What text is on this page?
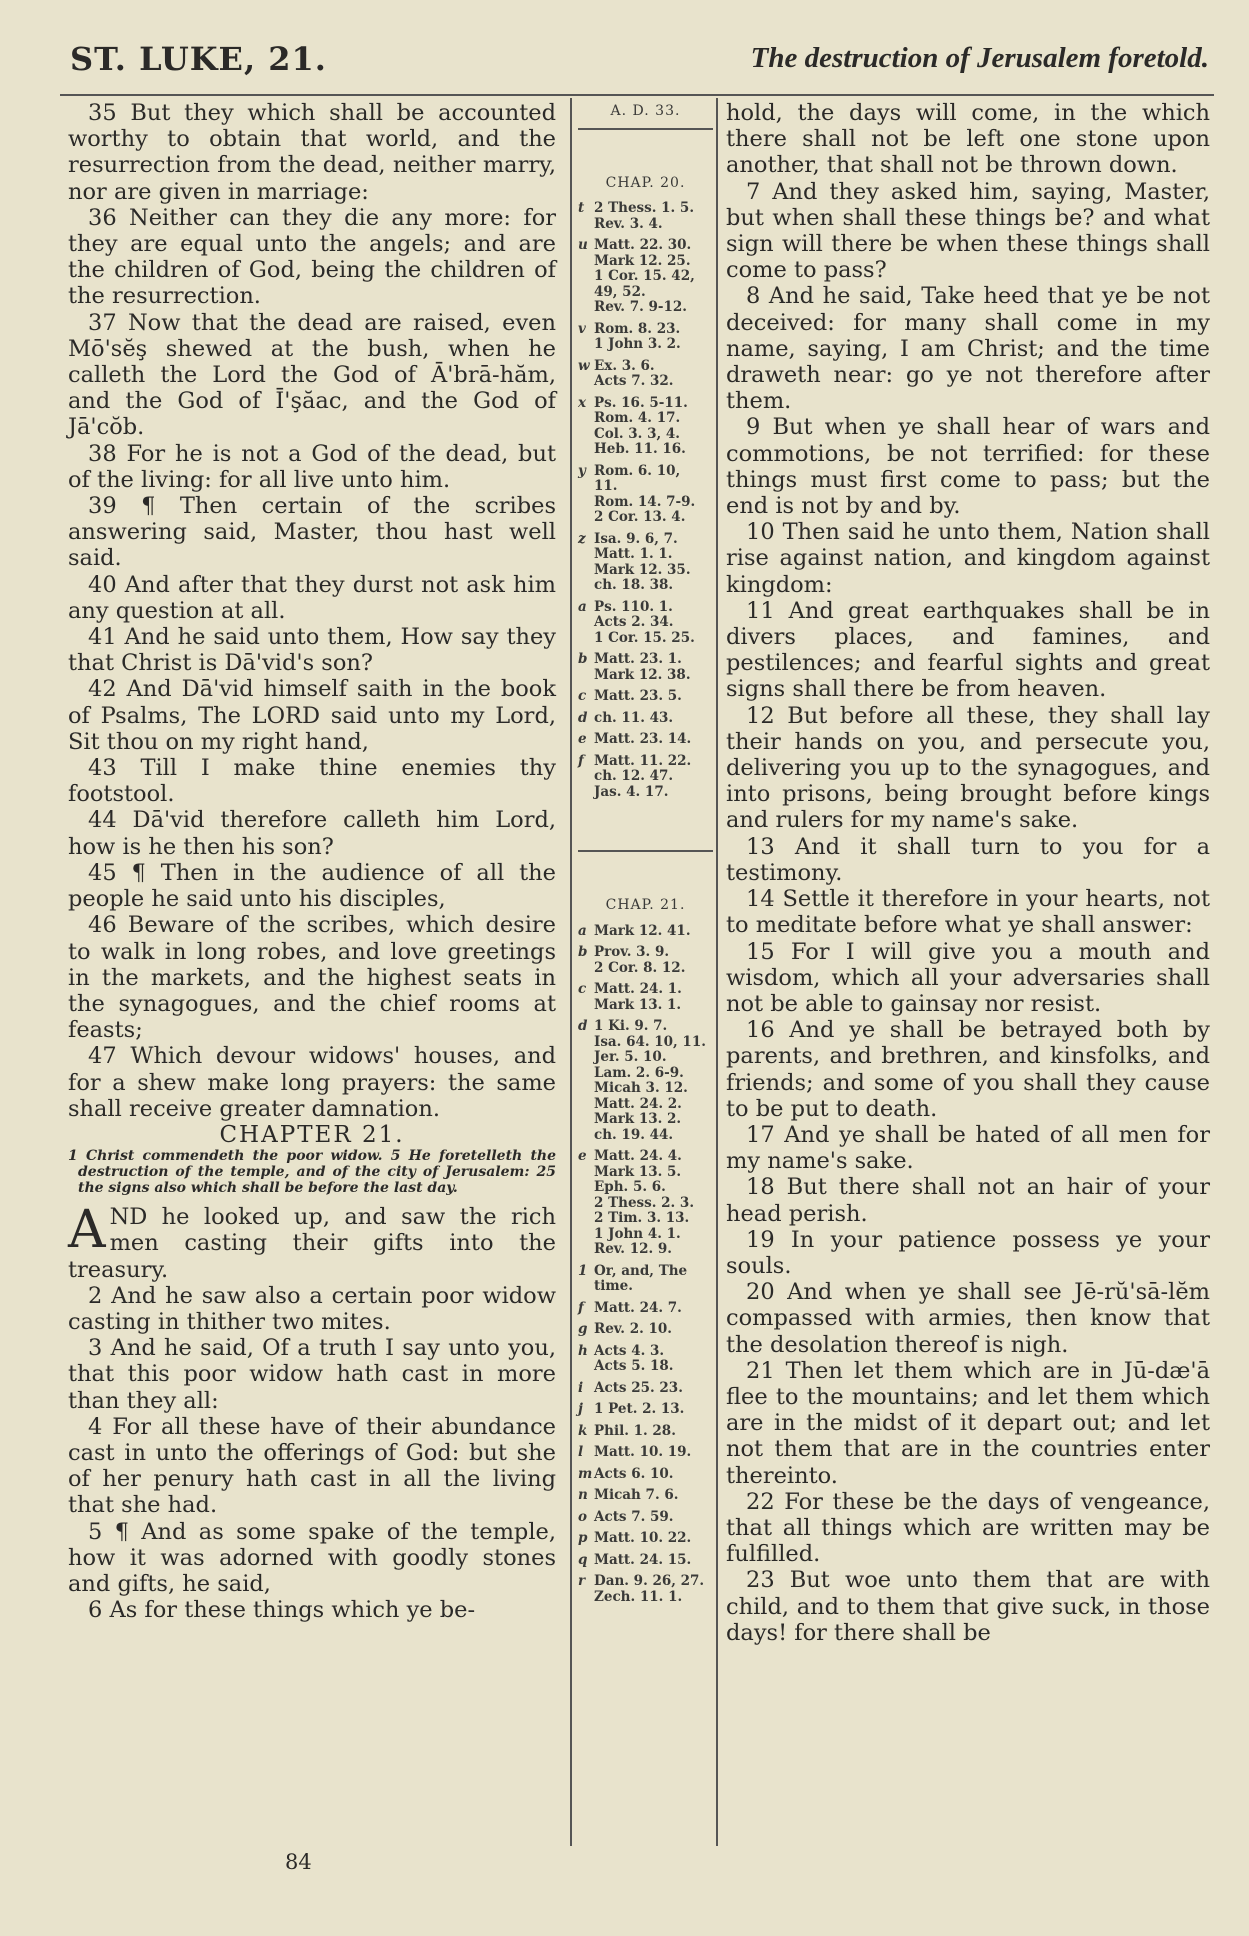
ST. LUKE, 21.	The destruction of Jerusalem foretold.

35 But they which shall be accounted worthy to obtain that world, and the resurrection from the dead, neither marry, nor are given in marriage:

36 Neither can they die any more: for they are equal unto the angels; and are the children of God, being the children of the resurrection.

37 Now that the dead are raised, even Mō'sĕş shewed at the bush, when he calleth the Lord the God of Ā'brā-hăm, and the God of Ī'şăac, and the God of Jā'cŏb.

38 For he is not a God of the dead, but of the living: for all live unto him.

39 ¶ Then certain of the scribes answering said, Master, thou hast well said.

40 And after that they durst not ask him any question at all.

41 And he said unto them, How say they that Christ is Dā'vid's son?

42 And Dā'vid himself saith in the book of Psalms, The LORD said unto my Lord, Sit thou on my right hand,

43 Till I make thine enemies thy footstool.

44 Dā'vid therefore calleth him Lord, how is he then his son?

45 ¶ Then in the audience of all the people he said unto his disciples,

46 Beware of the scribes, which desire to walk in long robes, and love greetings in the markets, and the highest seats in the synagogues, and the chief rooms at feasts;

47 Which devour widows' houses, and for a shew make long prayers: the same shall receive greater damnation.

CHAPTER 21.

1 Christ commendeth the poor widow. 5 He foretelleth the destruction of the temple, and of the city of Jerusalem: 25 the signs also which shall be before the last day.

AND he looked up, and saw the rich men casting their gifts into the treasury.

2 And he saw also a certain poor widow casting in thither two mites.

3 And he said, Of a truth I say unto you, that this poor widow hath cast in more than they all:

4 For all these have of their abundance cast in unto the offerings of God: but she of her penury hath cast in all the living that she had.

5 ¶ And as some spake of the temple, how it was adorned with goodly stones and gifts, he said,

6 As for these things which ye be-

A. D. 33.
CHAP. 20.
t 2 Thess. 1. 5.
Rev. 3. 4.
u Matt. 22. 30.
Mark 12. 25.
1 Cor. 15. 42,
49, 52.
Rev. 7. 9-12.
v Rom. 8. 23.
1 John 3. 2.
w Ex. 3. 6.
Acts 7. 32.
x Ps. 16. 5-11.
Rom. 4. 17.
Col. 3. 3, 4.
Heb. 11. 16.
y Rom. 6. 10,
11.
Rom. 14. 7-9.
2 Cor. 13. 4.
z Isa. 9. 6, 7.
Matt. 1. 1.
Mark 12. 35.
ch. 18. 38.
a Ps. 110. 1.
Acts 2. 34.
1 Cor. 15. 25.
b Matt. 23. 1.
Mark 12. 38.
c Matt. 23. 5.
d ch. 11. 43.
e Matt. 23. 14.
f Matt. 11. 22.
ch. 12. 47.
Jas. 4. 17.
CHAP. 21.
a Mark 12. 41.
b Prov. 3. 9.
2 Cor. 8. 12.
c Matt. 24. 1.
Mark 13. 1.
d 1 Ki. 9. 7.
Isa. 64. 10, 11.
Jer. 5. 10.
Lam. 2. 6-9.
Micah 3. 12.
Matt. 24. 2.
Mark 13. 2.
ch. 19. 44.
e Matt. 24. 4.
Mark 13. 5.
Eph. 5. 6.
2 Thess. 2. 3.
2 Tim. 3. 13.
1 John 4. 1.
Rev. 12. 9.
1 Or, and, The
time.
f Matt. 24. 7.
g Rev. 2. 10.
h Acts 4. 3.
Acts 5. 18.
i Acts 25. 23.
j 1 Pet. 2. 13.
k Phil. 1. 28.
l Matt. 10. 19.
m Acts 6. 10.
n Micah 7. 6.
o Acts 7. 59.
p Matt. 10. 22.
q Matt. 24. 15.
r Dan. 9. 26, 27.
Zech. 11. 1.

hold, the days will come, in the which there shall not be left one stone upon another, that shall not be thrown down.

7 And they asked him, saying, Master, but when shall these things be? and what sign will there be when these things shall come to pass?

8 And he said, Take heed that ye be not deceived: for many shall come in my name, saying, I am Christ; and the time draweth near: go ye not therefore after them.

9 But when ye shall hear of wars and commotions, be not terrified: for these things must first come to pass; but the end is not by and by.

10 Then said he unto them, Nation shall rise against nation, and kingdom against kingdom:

11 And great earthquakes shall be in divers places, and famines, and pestilences; and fearful sights and great signs shall there be from heaven.

12 But before all these, they shall lay their hands on you, and persecute you, delivering you up to the synagogues, and into prisons, being brought before kings and rulers for my name's sake.

13 And it shall turn to you for a testimony.

14 Settle it therefore in your hearts, not to meditate before what ye shall answer:

15 For I will give you a mouth and wisdom, which all your adversaries shall not be able to gainsay nor resist.

16 And ye shall be betrayed both by parents, and brethren, and kinsfolks, and friends; and some of you shall they cause to be put to death.

17 And ye shall be hated of all men for my name's sake.

18 But there shall not an hair of your head perish.

19 In your patience possess ye your souls.

20 And when ye shall see Jē-rŭ'sā-lĕm compassed with armies, then know that the desolation thereof is nigh.

21 Then let them which are in Jū-dæ'ā flee to the mountains; and let them which are in the midst of it depart out; and let not them that are in the countries enter thereinto.

22 For these be the days of vengeance, that all things which are written may be fulfilled.

23 But woe unto them that are with child, and to them that give suck, in those days! for there shall be

84
